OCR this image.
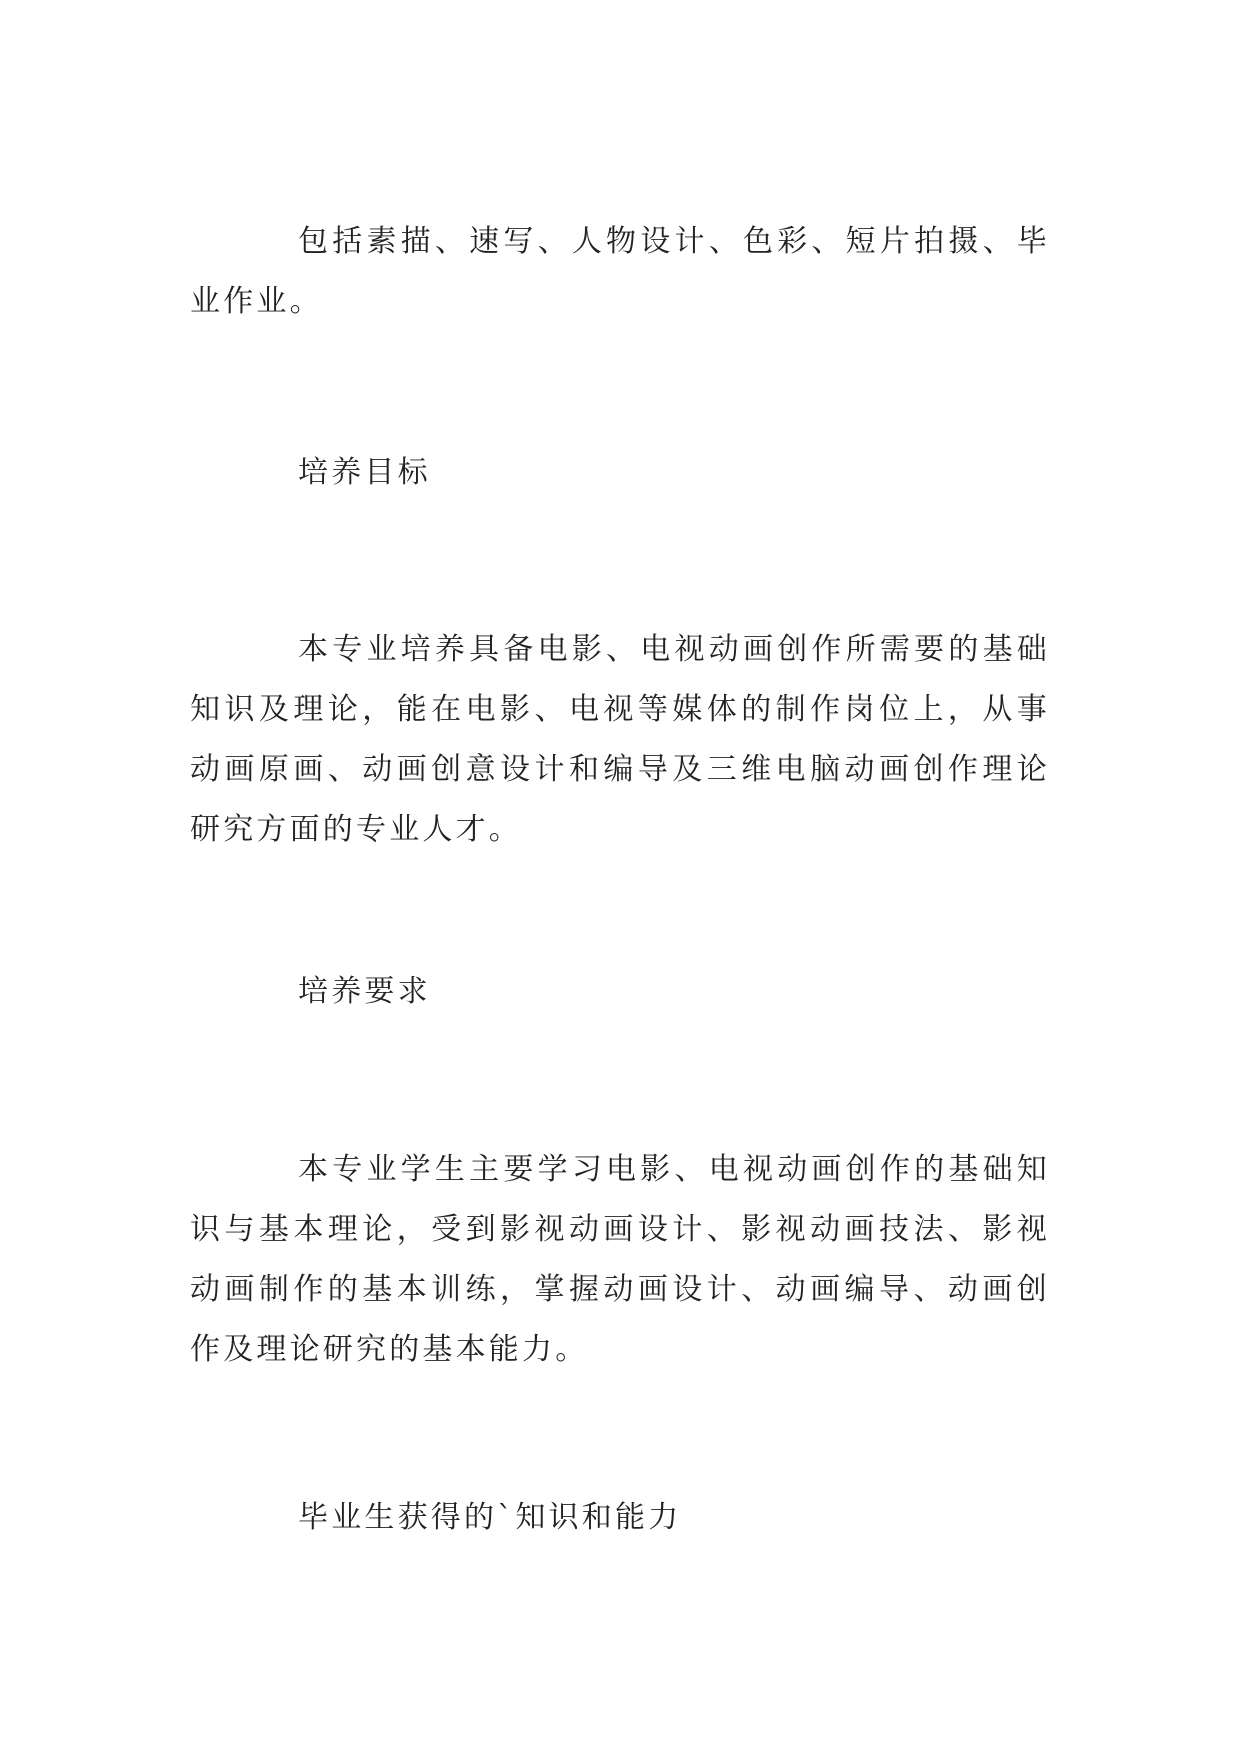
包括素描、速写、人物设计、色彩、短片拍摄、毕业作业。

培养目标

本专业培养具备电影、电视动画创作所需要的基础知识及理论，能在电影、电视等媒体的制作岗位上，从事动画原画、动画创意设计和编导及三维电脑动画创作理论研究方面的专业人才。

培养要求

本专业学生主要学习电影、电视动画创作的基础知识与基本理论，受到影视动画设计、影视动画技法、影视动画制作的基本训练，掌握动画设计、动画编导、动画创作及理论研究的基本能力。

毕业生获得的`知识和能力
